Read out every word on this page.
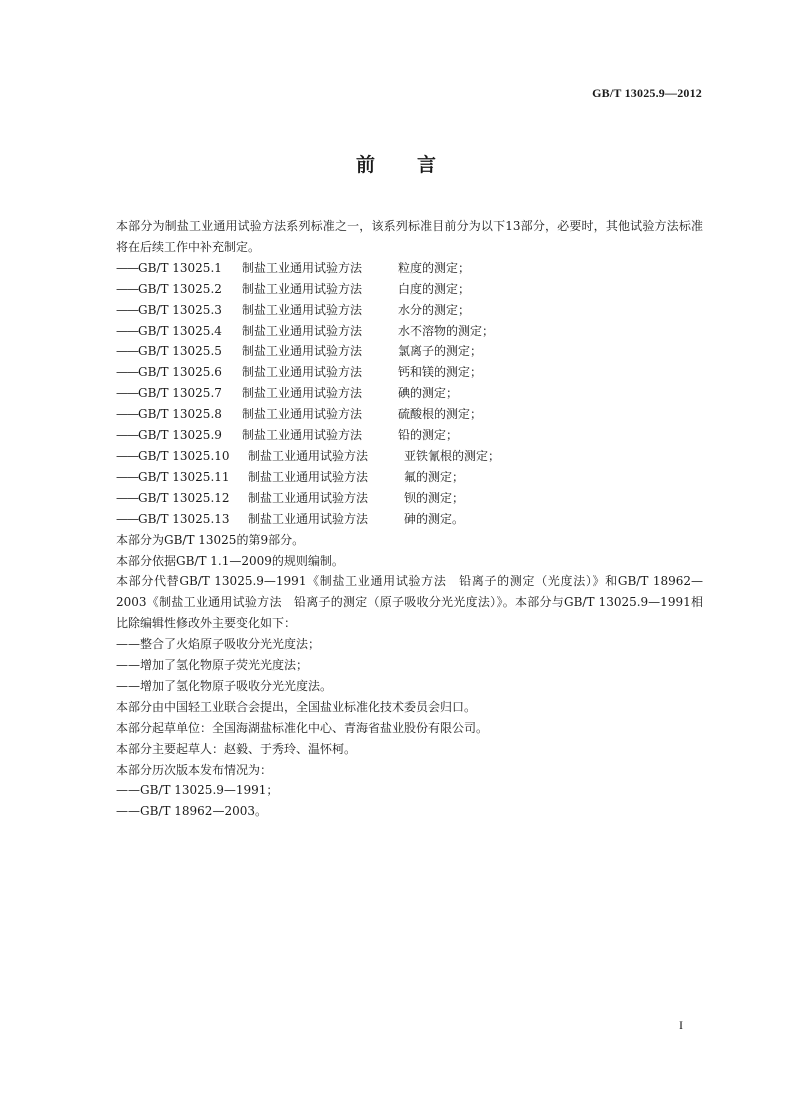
GB/T 13025.9—2012
前 言

本部分为制盐工业通用试验方法系列标准之一，该系列标准目前分为以下13部分，必要时，其他试验方法标准将在后续工作中补充制定。

——GB/T 13025.1 制盐工业通用试验方法	粒度的测定；
——GB/T 13025.2 制盐工业通用试验方法	白度的测定；
——GB/T 13025.3 制盐工业通用试验方法	水分的测定；
——GB/T 13025.4 制盐工业通用试验方法	水不溶物的测定；
——GB/T 13025.5 制盐工业通用试验方法	氯离子的测定；
——GB/T 13025.6 制盐工业通用试验方法	钙和镁的测定；
——GB/T 13025.7 制盐工业通用试验方法	碘的测定；
——GB/T 13025.8 制盐工业通用试验方法	硫酸根的测定；
——GB/T 13025.9 制盐工业通用试验方法	铅的测定；
——GB/T 13025.10 制盐工业通用试验方法	亚铁氰根的测定；
——GB/T 13025.11 制盐工业通用试验方法	氟的测定；
——GB/T 13025.12 制盐工业通用试验方法	钡的测定；
——GB/T 13025.13 制盐工业通用试验方法	砷的测定。

本部分为GB/T 13025的第9部分。

本部分依据GB/T 1.1—2009的规则编制。

本部分代替GB/T 13025.9—1991《制盐工业通用试验方法　铅离子的测定（光度法）》和GB/T 18962—2003《制盐工业通用试验方法　铅离子的测定（原子吸收分光光度法）》。本部分与GB/T 13025.9—1991相比除编辑性修改外主要变化如下：

——整合了火焰原子吸收分光光度法；
——增加了氢化物原子荧光光度法；
——增加了氢化物原子吸收分光光度法。

本部分由中国轻工业联合会提出，全国盐业标准化技术委员会归口。

本部分起草单位：全国海湖盐标准化中心、青海省盐业股份有限公司。

本部分主要起草人：赵毅、于秀玲、温怀柯。

本部分历次版本发布情况为：

——GB/T 13025.9—1991；
——GB/T 18962—2003。
I
